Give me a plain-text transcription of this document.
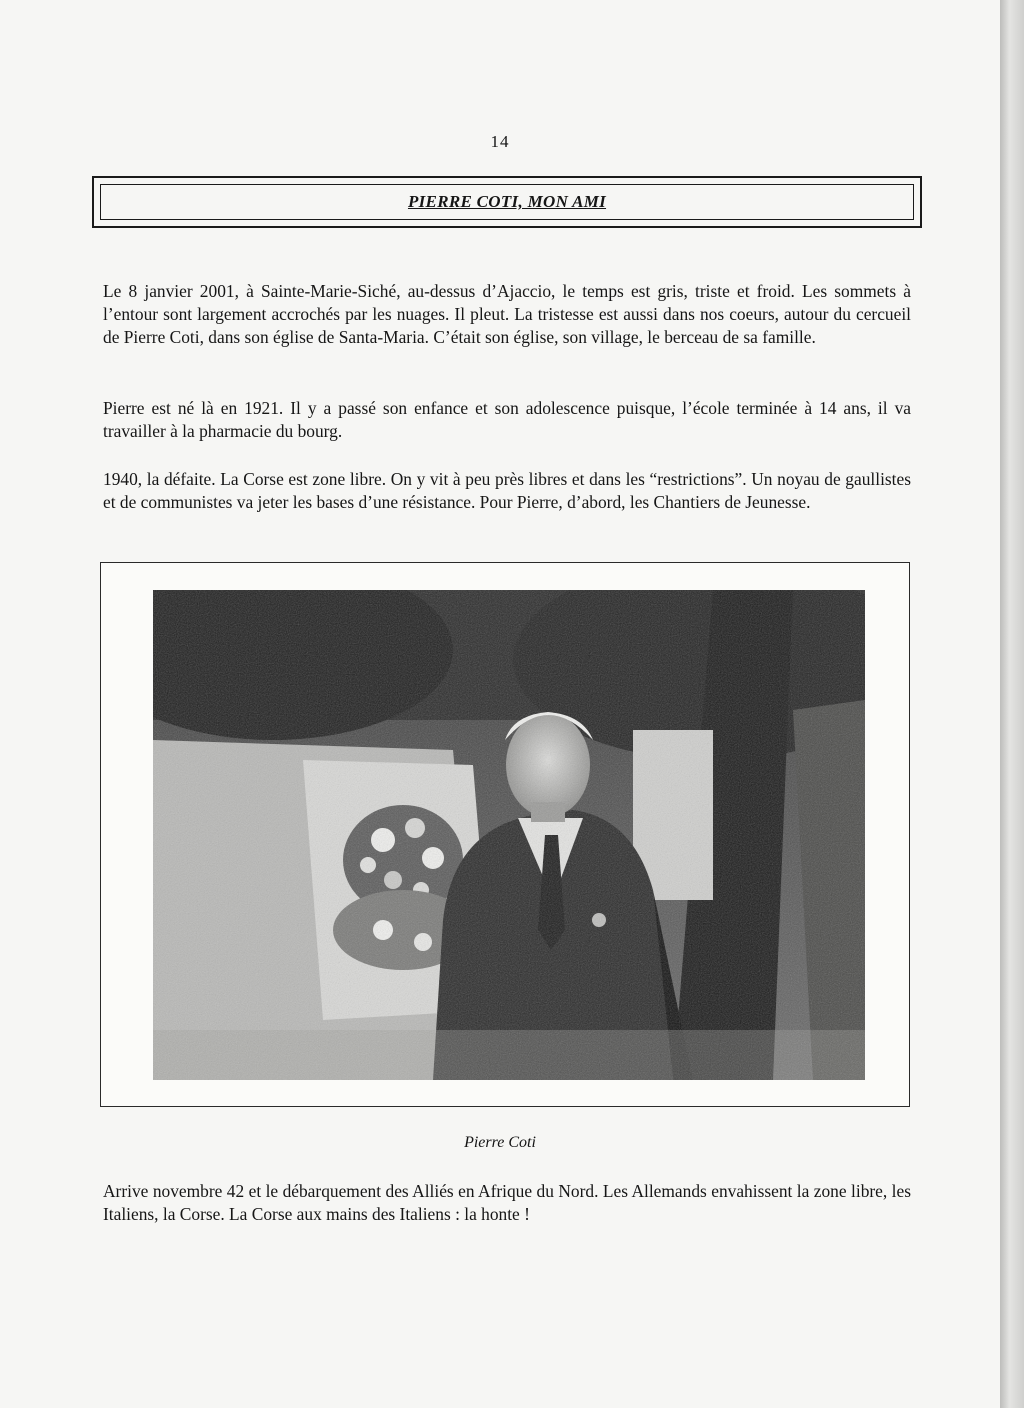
14
PIERRE COTI, MON AMI

Le 8 janvier 2001, à Sainte-Marie-Siché, au-dessus d’Ajaccio, le temps est gris, triste et froid. Les sommets à l’entour sont largement accrochés par les nuages. Il pleut. La tristesse est aussi dans nos coeurs, autour du cercueil de Pierre Coti, dans son église de Santa-Maria. C’était son église, son village, le berceau de sa famille.

Pierre est né là en 1921. Il y a passé son enfance et son adolescence puisque, l’école terminée à 14 ans, il va travailler à la pharmacie du bourg.

1940, la défaite. La Corse est zone libre. On y vit à peu près libres et dans les “restrictions”. Un noyau de gaullistes et de communistes va jeter les bases d’une résistance. Pour Pierre, d’abord, les Chantiers de Jeunesse.

Pierre Coti

Arrive novembre 42 et le débarquement des Alliés en Afrique du Nord. Les Allemands envahissent la zone libre, les Italiens, la Corse. La Corse aux mains des Italiens : la honte !
